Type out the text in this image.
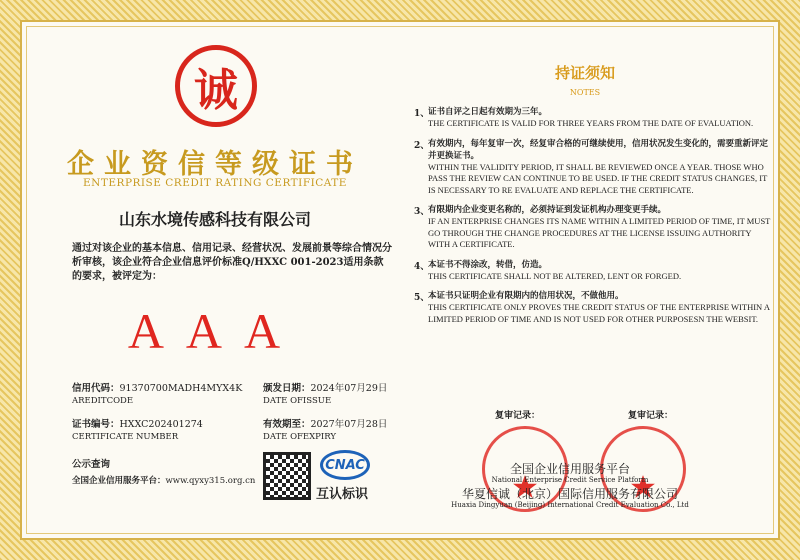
诚
企业资信等级证书
ENTERPRISE CREDIT RATING CERTIFICATE
山东水境传感科技有限公司
通过对该企业的基本信息、信用记录、经营状况、发展前景等综合情况分析审核，该企业符合企业信息评价标准Q/HXXC 001-2023适用条款的要求，被评定为：
AAA
信用代码：91370700MADH4MYX4K
AREDITCODE
颁发日期：2024年07月29日
DATE OFISSUE
证书编号：HXXC202401274
CERTIFICATE NUMBER
有效期至：2027年07月28日
DATE OFEXPIRY
公示查询
全国企业信用服务平台：www.qyxy315.org.cn
CNAC
互认标识
持证须知
NOTES
1、
证书自评之日起有效期为三年。
THE CERTIFICATE IS VALID FOR THREE YEARS FROM THE DATE OF EVALUATION.
2、
有效期内，每年复审一次，经复审合格的可继续使用，信用状况发生变化的，需要重新评定并更换证书。
WITHIN THE VALIDITY PERIOD, IT SHALL BE REVIEWED ONCE A YEAR. THOSE WHO PASS THE REVIEW CAN CONTINUE TO BE USED. IF THE CREDIT STATUS CHANGES, IT IS NECESSARY TO RE EVALUATE AND REPLACE THE CERTIFICATE.
3、
有限期内企业变更名称的，必须持证到发证机构办理变更手续。
IF AN ENTERPRISE CHANGES ITS NAME WITHIN A LIMITED PERIOD OF TIME, IT MUST GO THROUGH THE CHANGE PROCEDURES AT THE LICENSE ISSUING AUTHORITY WITH A CERTIFICATE.
4、
本证书不得涂改，转借，仿造。
THIS CERTIFICATE SHALL NOT BE ALTERED, LENT OR FORGED.
5、
本证书只证明企业有限期内的信用状况，不做他用。
THIS CERTIFICATE ONLY PROVES THE CREDIT STATUS OF THE ENTERPRISE WITHIN A LIMITED PERIOD OF TIME AND IS NOT USED FOR OTHER PURPOSESN THE WEBSIT.
复审记录：	复审记录：
全国企业信用服务平台
National Enterprise Credit Service Platform
华夏信诚（北京）国际信用服务有限公司
Huaxia Dingyuan (Beijing) International Credit Evaluation Co., Ltd
